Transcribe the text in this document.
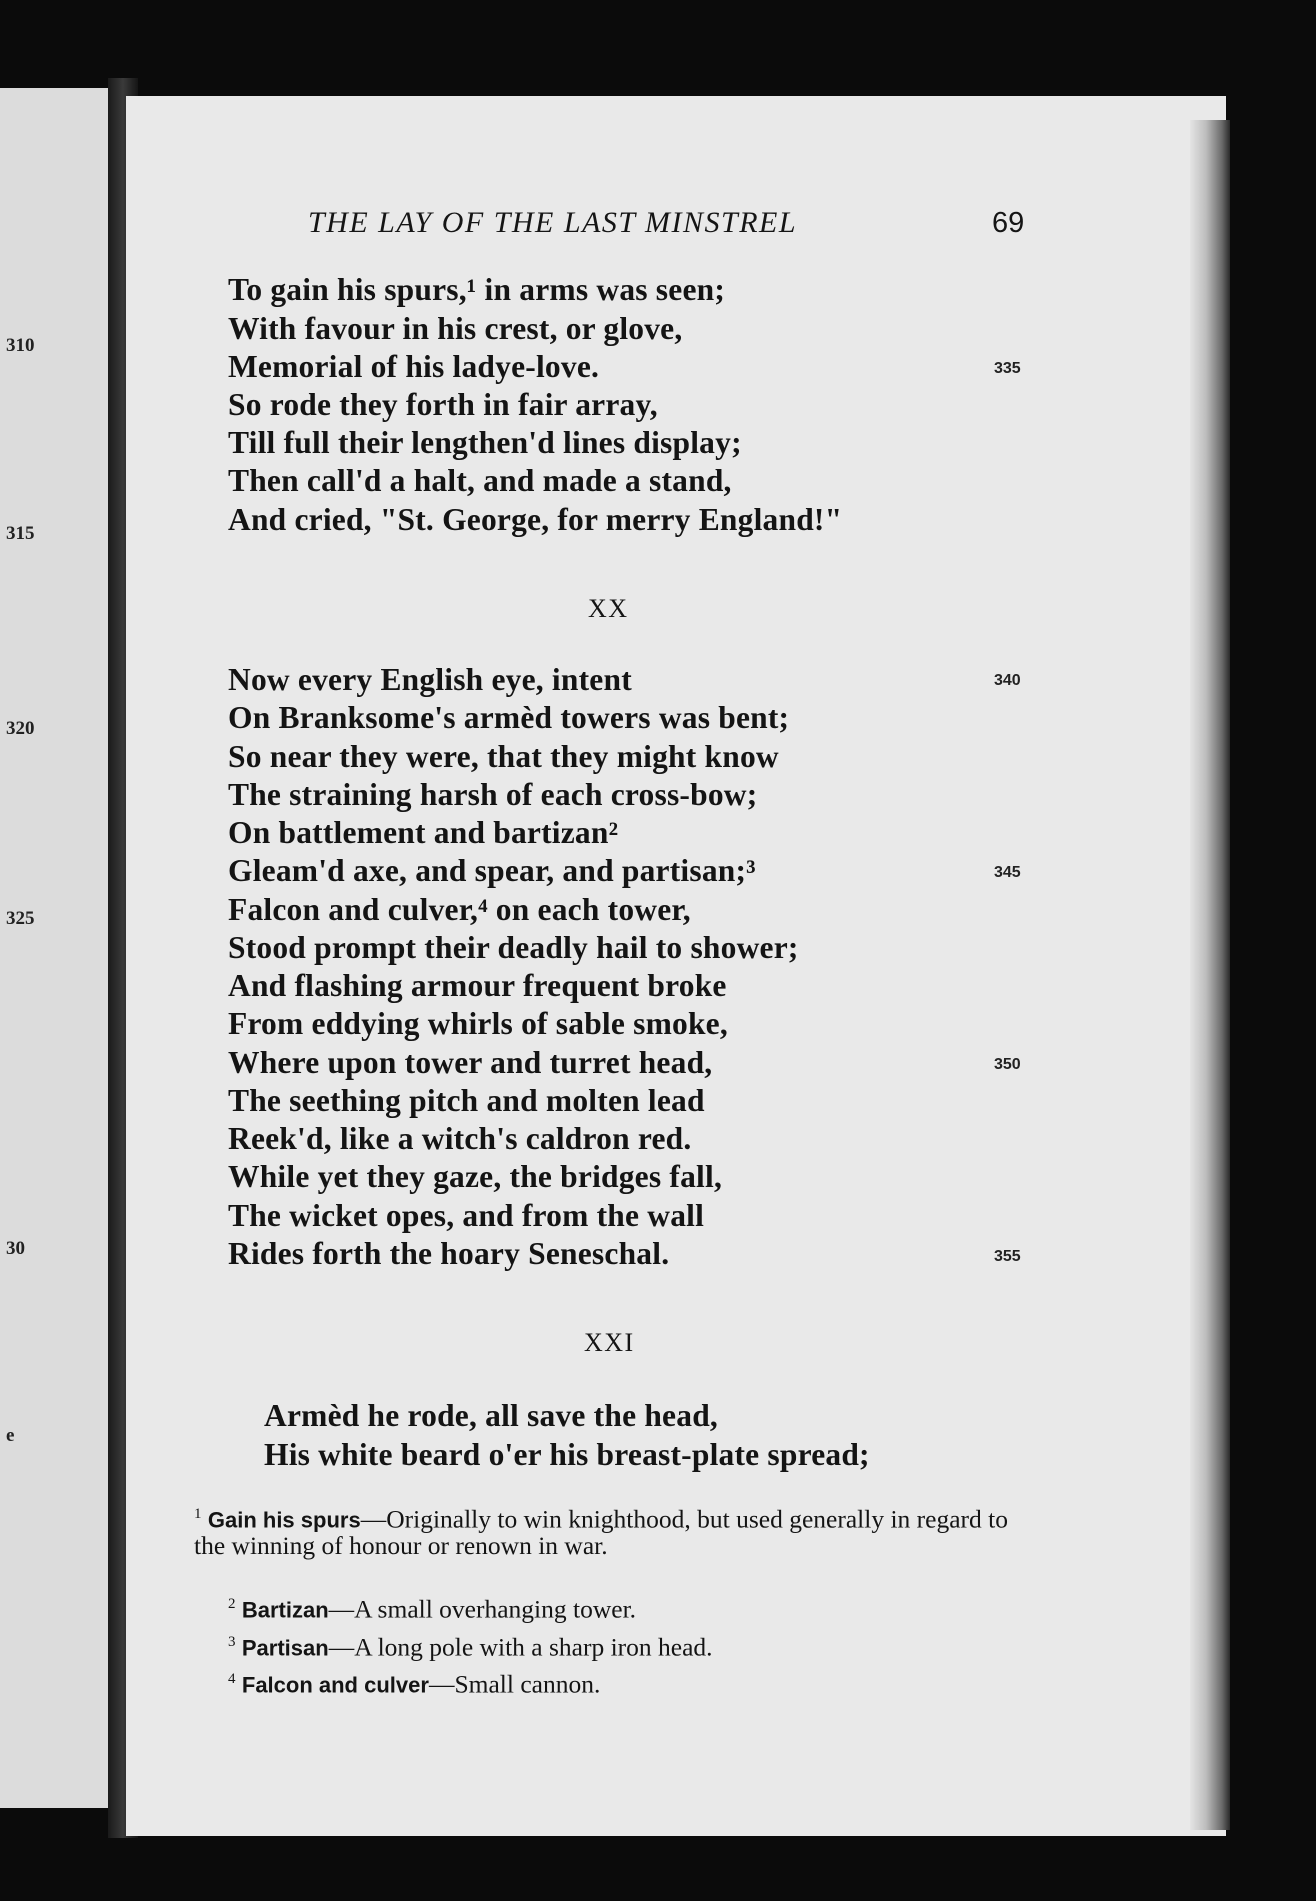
310
315
320
325
30
e
THE LAY OF THE LAST MINSTREL	69
To gain his spurs,¹ in arms was seen;
With favour in his crest, or glove,
Memorial of his ladye-love.
So rode they forth in fair array,
Till full their lengthen'd lines display;
Then call'd a halt, and made a stand,
And cried, "St. George, for merry England!"
335
XX
Now every English eye, intent
On Branksome's armèd towers was bent;
So near they were, that they might know
The straining harsh of each cross-bow;
On battlement and bartizan²
Gleam'd axe, and spear, and partisan;³
Falcon and culver,⁴ on each tower,
Stood prompt their deadly hail to shower;
And flashing armour frequent broke
From eddying whirls of sable smoke,
Where upon tower and turret head,
The seething pitch and molten lead
Reek'd, like a witch's caldron red.
While yet they gaze, the bridges fall,
The wicket opes, and from the wall
Rides forth the hoary Seneschal.
340
345
350
355
XXI
Armèd he rode, all save the head,
His white beard o'er his breast-plate spread;
$^1$ Gain his spurs—Originally to win knighthood, but used generally in regard to the winning of honour or renown in war.
$^2$ Bartizan—A small overhanging tower.
$^3$ Partisan—A long pole with a sharp iron head.
$^4$ Falcon and culver—Small cannon.
